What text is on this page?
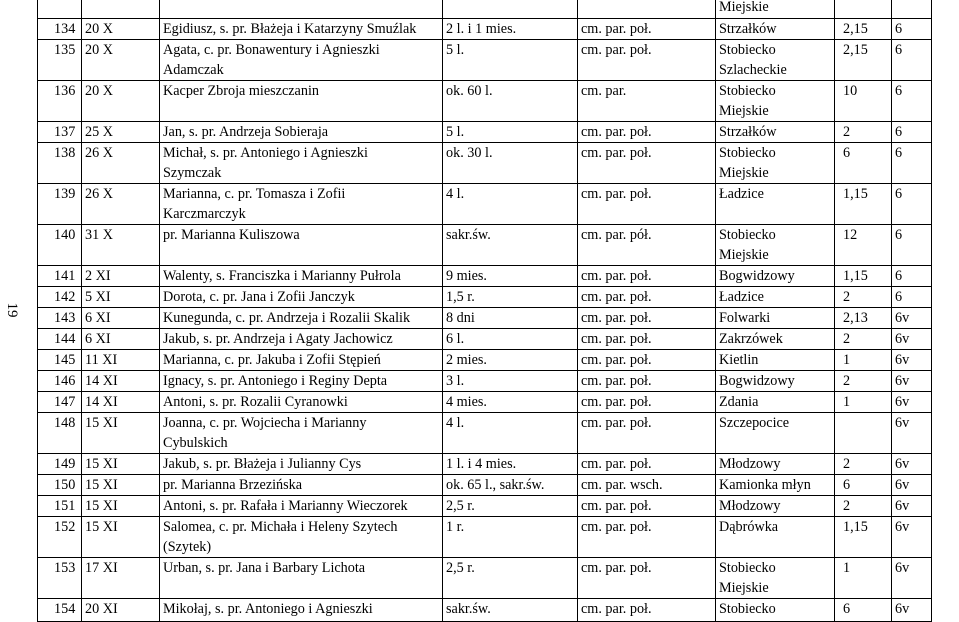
19
					Miejskie		
134	20 X	Egidiusz, s. pr. Błażeja i Katarzyny Smuźlak	2 l. i 1 mies.	cm. par. poł.	Strzałków	2,15	6
135	20 X	Agata, c. pr. Bonawentury i Agnieszki
Adamczak	5 l.	cm. par. poł.	Stobiecko
Szlacheckie	2,15	6
136	20 X	Kacper Zbroja mieszczanin	ok. 60 l.	cm. par.	Stobiecko
Miejskie	10	6
137	25 X	Jan, s. pr. Andrzeja Sobieraja	5 l.	cm. par. poł.	Strzałków	2	6
138	26 X	Michał, s. pr. Antoniego i Agnieszki
Szymczak	ok. 30 l.	cm. par. poł.	Stobiecko
Miejskie	6	6
139	26 X	Marianna, c. pr. Tomasza i Zofii
Karczmarczyk	4 l.	cm. par. poł.	Ładzice	1,15	6
140	31 X	pr. Marianna Kuliszowa	sakr.św.	cm. par. pół.	Stobiecko
Miejskie	12	6
141	2 XI	Walenty, s. Franciszka i Marianny Pułrola	9 mies.	cm. par. poł.	Bogwidzowy	1,15	6
142	5 XI	Dorota, c. pr. Jana i Zofii Janczyk	1,5 r.	cm. par. poł.	Ładzice	2	6
143	6 XI	Kunegunda, c. pr. Andrzeja i Rozalii Skalik	8 dni	cm. par. poł.	Folwarki	2,13	6v
144	6 XI	Jakub, s. pr. Andrzeja i Agaty Jachowicz	6 l.	cm. par. poł.	Zakrzówek	2	6v
145	11 XI	Marianna, c. pr. Jakuba i Zofii Stępień	2 mies.	cm. par. poł.	Kietlin	1	6v
146	14 XI	Ignacy, s. pr. Antoniego i Reginy Depta	3 l.	cm. par. poł.	Bogwidzowy	2	6v
147	14 XI	Antoni, s. pr. Rozalii Cyranowki	4 mies.	cm. par. poł.	Zdania	1	6v
148	15 XI	Joanna, c. pr. Wojciecha i Marianny
Cybulskich	4 l.	cm. par. poł.	Szczepocice		6v
149	15 XI	Jakub, s. pr. Błażeja i Julianny Cys	1 l. i 4 mies.	cm. par. poł.	Młodzowy	2	6v
150	15 XI	pr. Marianna Brzezińska	ok. 65 l., sakr.św.	cm. par. wsch.	Kamionka młyn	6	6v
151	15 XI	Antoni, s. pr. Rafała i Marianny Wieczorek	2,5 r.	cm. par. poł.	Młodzowy	2	6v
152	15 XI	Salomea, c. pr. Michała i Heleny Szytech
(Szytek)	1 r.	cm. par. poł.	Dąbrówka	1,15	6v
153	17 XI	Urban, s. pr. Jana i Barbary Lichota	2,5 r.	cm. par. poł.	Stobiecko
Miejskie	1	6v
154	20 XI	Mikołaj, s. pr. Antoniego i Agnieszki	sakr.św.	cm. par. poł.	Stobiecko	6	6v
